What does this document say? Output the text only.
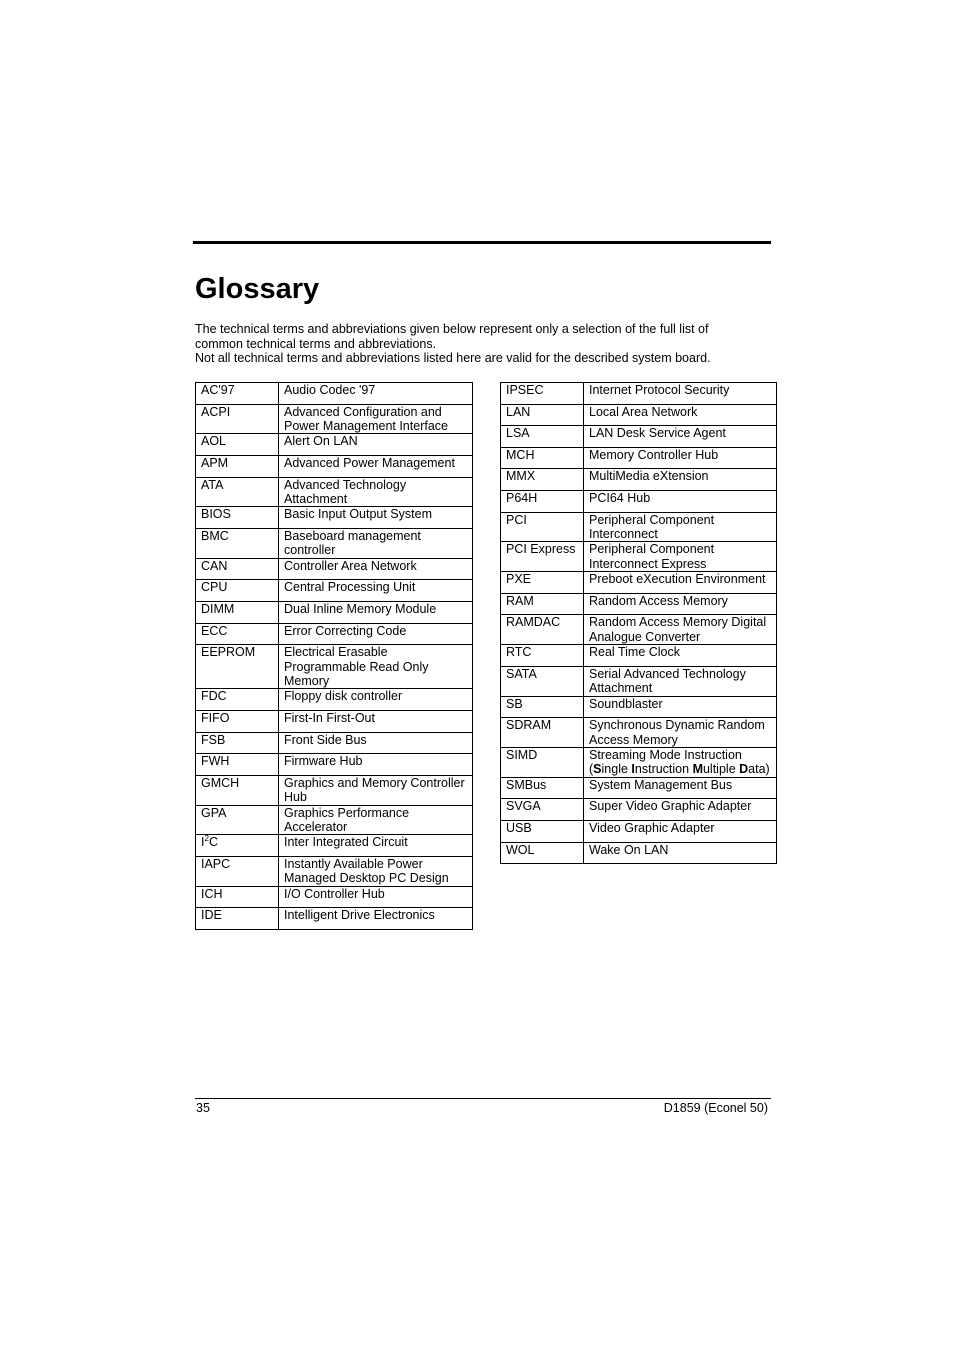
Glossary

The technical terms and abbreviations given below represent only a selection of the full list of common technical terms and abbreviations.

Not all technical terms and abbreviations listed here are valid for the described system board.

AC'97	Audio Codec '97
ACPI	Advanced Configuration and Power Management Interface
AOL	Alert On LAN
APM	Advanced Power Management
ATA	Advanced Technology Attachment
BIOS	Basic Input Output System
BMC	Baseboard management controller
CAN	Controller Area Network
CPU	Central Processing Unit
DIMM	Dual Inline Memory Module
ECC	Error Correcting Code
EEPROM	Electrical Erasable Programmable Read Only Memory
FDC	Floppy disk controller
FIFO	First-In First-Out
FSB	Front Side Bus
FWH	Firmware Hub
GMCH	Graphics and Memory Controller Hub
GPA	Graphics Performance Accelerator
$I^2C$	Inter Integrated Circuit
IAPC	Instantly Available Power Managed Desktop PC Design
ICH	I/O Controller Hub
IDE	Intelligent Drive Electronics
IPSEC	Internet Protocol Security
LAN	Local Area Network
LSA	LAN Desk Service Agent
MCH	Memory Controller Hub
MMX	MultiMedia eXtension
P64H	PCI64 Hub
PCI	Peripheral Component Interconnect
PCI Express	Peripheral Component Interconnect Express
PXE	Preboot eXecution Environment
RAM	Random Access Memory
RAMDAC	Random Access Memory Digital Analogue Converter
RTC	Real Time Clock
SATA	Serial Advanced Technology Attachment
SB	Soundblaster
SDRAM	Synchronous Dynamic Random Access Memory
SIMD	Streaming Mode Instruction (Single Instruction Multiple Data)
SMBus	System Management Bus
SVGA	Super Video Graphic Adapter
USB	Video Graphic Adapter
WOL	Wake On LAN
35	D1859 (Econel 50)
